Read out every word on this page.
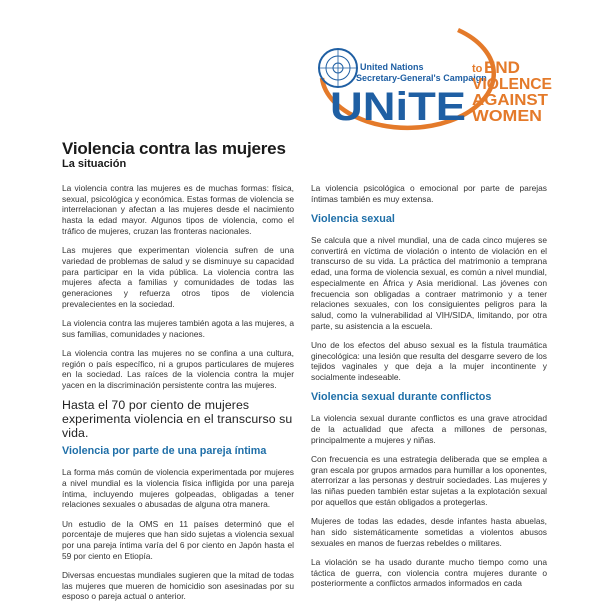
United Nations
Secretary-General's Campaign
UNiTE
to END
VIOLENCE
AGAINST
WOMEN
Violencia contra las mujeres
La situación

La violencia contra las mujeres es de muchas formas: física, sexual, psicológica y económica. Estas formas de violencia se interrelacionan y afectan a las mujeres desde el nacimiento hasta la edad mayor. Algunos tipos de violencia, como el tráfico de mujeres, cruzan las fronteras nacionales.

Las mujeres que experimentan violencia sufren de una variedad de problemas de salud y se disminuye su capacidad para participar en la vida pública. La violencia contra las mujeres afecta a familias y comunidades de todas las generaciones y refuerza otros tipos de violencia prevalecientes en la sociedad.

La violencia contra las mujeres también agota a las mujeres, a sus familias, comunidades y naciones.

La violencia contra las mujeres no se confina a una cultura, región o país específico, ni a grupos particulares de mujeres en la sociedad. Las raíces de la violencia contra la mujer yacen en la discriminación persistente contra las mujeres.

Hasta el 70 por ciento de mujeres experimenta violencia en el transcurso su vida.

Violencia por parte de una pareja íntima

La forma más común de violencia experimentada por mujeres a nivel mundial es la violencia física infligida por una pareja íntima, incluyendo mujeres golpeadas, obligadas a tener relaciones sexuales o abusadas de alguna otra manera.

Un estudio de la OMS en 11 países determinó que el porcentaje de mujeres que han sido sujetas a violencia sexual por una pareja íntima varía del 6 por ciento en Japón hasta el 59 por ciento en Etiopía.

Diversas encuestas mundiales sugieren que la mitad de todas las mujeres que mueren de homicidio son asesinadas por su esposo o pareja actual o anterior.

La violencia psicológica o emocional por parte de parejas íntimas también es muy extensa.

Violencia sexual

Se calcula que a nivel mundial, una de cada cinco mujeres se convertirá en víctima de violación o intento de violación en el transcurso de su vida. La práctica del matrimonio a temprana edad, una forma de violencia sexual, es común a nivel mundial, especialmente en África y Asia meridional. Las jóvenes con frecuencia son obligadas a contraer matrimonio y a tener relaciones sexuales, con los consiguientes peligros para la salud, como la vulnerabilidad al VIH/SIDA, limitando, por otra parte, su asistencia a la escuela.

Uno de los efectos del abuso sexual es la fístula traumática ginecológica: una lesión que resulta del desgarre severo de los tejidos vaginales y que deja a la mujer incontinente y socialmente indeseable.

Violencia sexual durante conflictos

La violencia sexual durante conflictos es una grave atrocidad de la actualidad que afecta a millones de personas, principalmente a mujeres y niñas.

Con frecuencia es una estrategia deliberada que se emplea a gran escala por grupos armados para humillar a los oponentes, aterrorizar a las personas y destruir sociedades. Las mujeres y las niñas pueden también estar sujetas a la explotación sexual por aquellos que están obligados a protegerlas.

Mujeres de todas las edades, desde infantes hasta abuelas, han sido sistemáticamente sometidas a violentos abusos sexuales en manos de fuerzas rebeldes o militares.

La violación se ha usado durante mucho tiempo como una táctica de guerra, con violencia contra mujeres durante o posteriormente a conflictos armados informados en cada
